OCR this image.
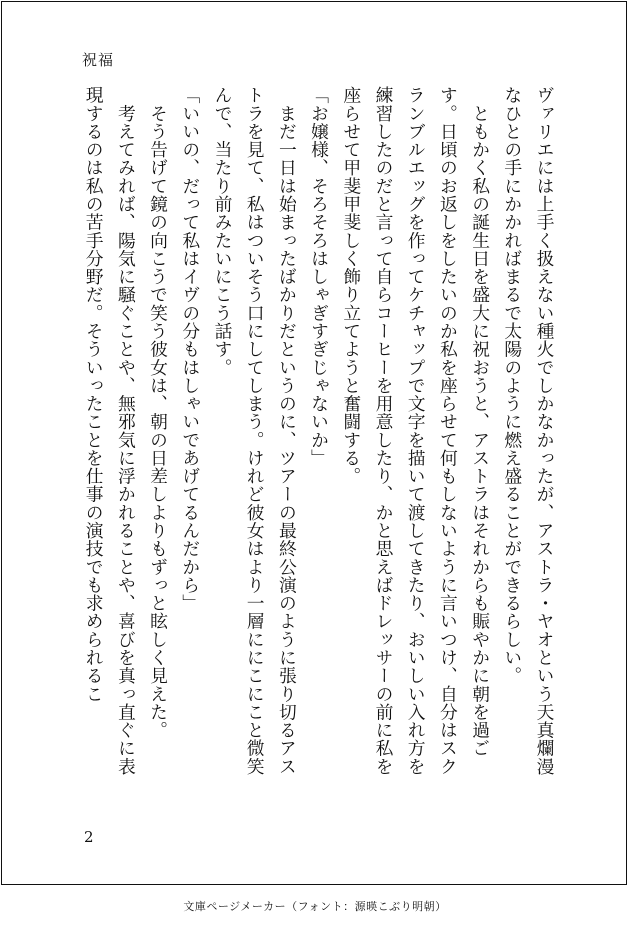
祝福

ヴァリエには上手く扱えない種火でしかなかったが、アストラ・ヤオという天真爛漫なひとの手にかかればまるで太陽のように燃え盛ることができるらしい。

　ともかく私の誕生日を盛大に祝おうと、アストラはそれからも賑やかに朝を過ごす。日頃のお返しをしたいのか私を座らせて何もしないように言いつけ、自分はスクランブルエッグを作ってケチャップで文字を描いて渡してきたり、おいしい入れ方を練習したのだと言って自らコーヒーを用意したり、かと思えばドレッサーの前に私を座らせて甲斐甲斐しく飾り立てようと奮闘する。

「お嬢様、そろそろはしゃぎすぎじゃないか」

　まだ一日は始まったばかりだというのに、ツアーの最終公演のように張り切るアストラを見て、私はついそう口にしてしまう。けれど彼女はより一層ににこにこと微笑んで、当たり前みたいにこう話す。

「いいの、だって私はイヴの分もはしゃいであげてるんだから」

　そう告げて鏡の向こうで笑う彼女は、朝の日差しよりもずっと眩しく見えた。

　考えてみれば、陽気に騒ぐことや、無邪気に浮かれることや、喜びを真っ直ぐに表現するのは私の苦手分野だ。そういったことを仕事の演技でも求められるこ

2
文庫ページメーカー（フォント：源暎こぶり明朝）
